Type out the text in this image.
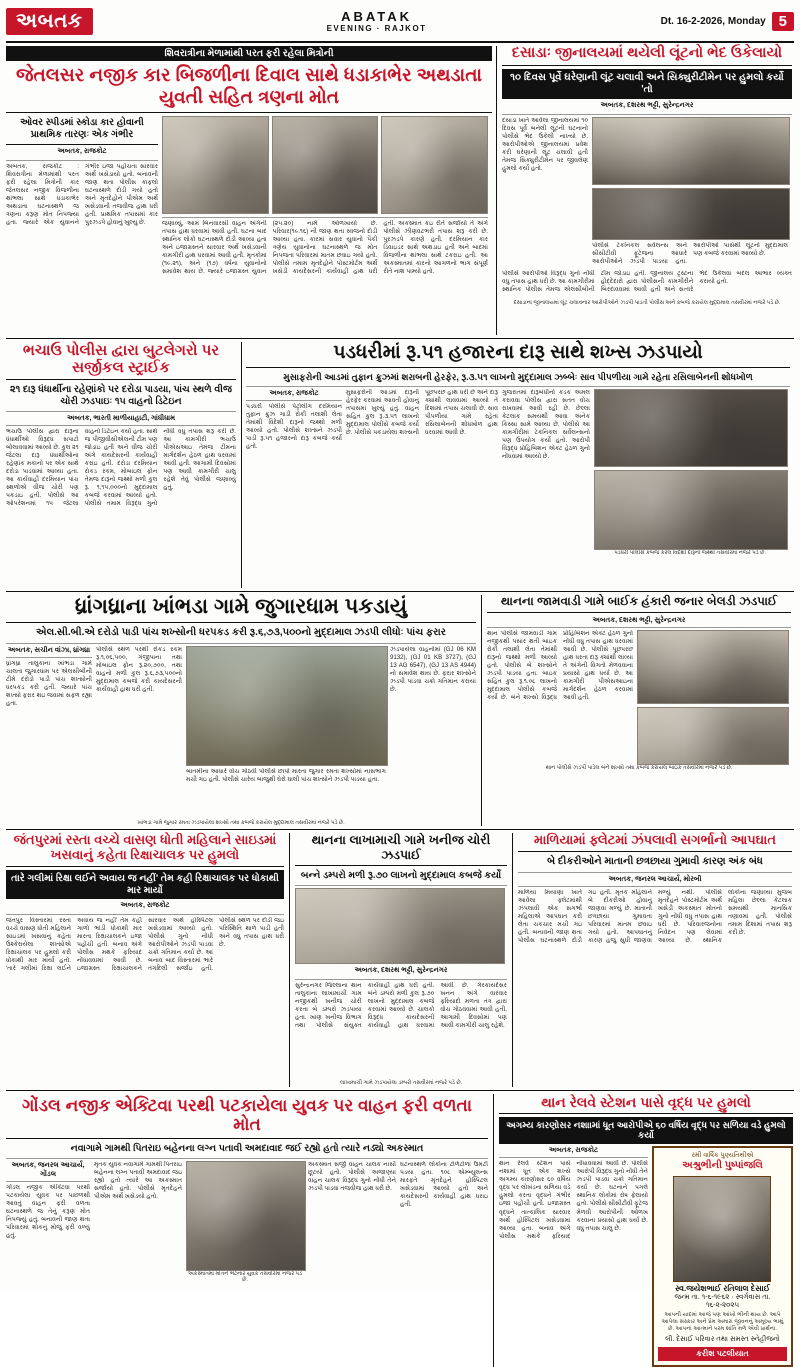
અબતક	ABATAK
EVENING · RAJKOT
Dt. 16-2-2026, Monday 5
શિવરાત્રીના મેળામાંથી પરત ફરી રહેલા મિત્રોની
જેતલસર નજીક કાર બિજળીના દિવાલ સાથે ધડાકાભેર અથડાતા યુવતી સહિત ત્રણના મોત
ઓવર સ્પીડમાં સ્કોડા કાર હોવાની પ્રાથમિક તારણઃ એક ગંભીર
અબતક, રાજકોટ
અબતક, રાજકોટ : શિવરાત્રીના મેળામાંથી પરત ફરી રહેલા મિત્રોની કાર જેતલસર નજીક વિજળીના થાંભલા સાથે ધડાકાભેર અથડાતા ઘટનાસ્થળે જ ત્રણના કરૂણ મોત નિપજ્યા હતા. જ્યારે એક યુવાનને ગંભીર ઇજા પહોંચતા સારવાર અર્થે ખસેડાયો હતો. બનાવની જાણ થતા પોલીસ કાફલો ઘટનાસ્થળે દોડી ગયો હતો અને મૃતદેહોને પીએમ અર્થે ખસેડવાની તજવીજ હાથ ધરી હતી. પ્રાથમિક તપાસમાં કાર પુરઝડપે હોવાનું ખુલ્યુ છે.	જણાવ્યું, આમ બિનવારસી વાહન અંગેની તપાસ હાથ ધરવામાં આવી હતી. ઘટના બાદ સ્થાનિક લોકો ઘટનાસ્થળે દોડી આવ્યા હતા અને ઇજાગ્રસ્તને સારવાર અર્થે ખસેડવાની કામગીરી હાથ ધરવામાં આવી હતી. મૃતકોમાં (૧૯.૨૧), અને (૧૭) વર્ષના યુવાનોનો સમાવેશ થાય છે. જ્યારે ઇજાગ્રસ્ત યુવાન (૨૫.૨૦) નામે ઓળખાયો છે. પરિવાર(૧૯.૧૬) ની જાણ થતા સ્વજનો દોડી આવ્યા હતા. કારમાં સવાર યુવાનો પૈકી ત્રણેય યુવાનોના ઘટનાસ્થળે જ મોત નિપજતા પરિવારમાં માતમ છવાઇ ગયો હતો. પોલીસે તમામ મૃતદેહોને પોસ્ટમોર્ટમ અર્થે ખસેડી કાયદેસરની કાર્યવાહી હાથ ધરી હતી. અકસ્માત કઇ રીતે સર્જાયો તે અંગે પોલીસે ઝીણવટભરી તપાસ શરૂ કરી છે. પુરઝડપે કારણે હતી. દરમિયાન કાર ડિવાઇડર સાથે અથડાઇ હતી અને બાદમાં વિજળીના થાંભલા સાથે ટકરાઇ હતી. આ અકસ્માતમાં કારનો આગળનો ભાગ સંપૂર્ણ રીતે નાશ પામ્યો હતો.
દસાડાઃ જીનાલયમાં થયેલી લૂંટનો ભેદ ઉકેલાયો
૧૦ દિવસ પૂર્વે ઘરેણાની લૂંટ ચલાવી અને સિક્યુરીટીમેન પર હુમલો કર્યો 'તો
અબતક, દશરથ ભટ્ટી, સુરેન્દ્રનગર
દસાડા ખાતે આવેલા જીનાલયમાં ૧૦ દિવસ પૂર્વે બનેલી લૂંટની ઘટનાનો પોલીસે ભેદ ઉકેલી નાખ્યો છે. આરોપીઓએ જીનાલયમાં પ્રવેશ કરી ઘરેણાની લૂંટ ચલાવી હતી તેમજ સિક્યુરીટીમેન પર જીવલેણ હુમલો કર્યો હતો.
પોલીસે ટેકનિકલ સર્વેલન્સ અને સીસીટીવી ફૂટેજના આધારે આરોપીઓને ઝડપી પાડયા હતા. આરોપીઓ પાસેથી લૂંટનો મુદ્દામાલ પણ કબજે કરવામાં આવ્યો છે.
પોલીસે આરોપીઓ વિરૂદ્ધ ગુનો નોંધી વધુ તપાસ હાથ ધરી છે. આ કામગીરીમાં સ્થાનિક પોલીસ તેમજ એલસીબીની ટીમ જોડાઇ હતી. જીનાલય ટ્રસ્ટના હોદ્દેદારો દ્વારા પોલીસની કામગીરીને બિરદાવવામાં આવી હતી અને સત્વરે ભેદ ઉકેલવા બદલ આભાર વ્યક્ત કરાયો હતો.
દસાડાના જીનાલયમાં લૂંટ ચલાવનાર આરોપીઓને ઝડપી પાડતી પોલીસ અને કબજે કરાયેલ મુદ્દામાલ તસવીરમાં નજરે પડે છે.
ભચાઉ પોલીસ દ્વારા બુટલેગરો પર સર્જીકલ સ્ટ્રાઈક
૨૧ દારૂ ધંધાર્થીના રહેણાંકો પર દરોડા પાડયા, પાંચ સ્થળે વીજ ચોરી ઝડપાઇઃ ૧૫ વાહનો ડિટેઇન
અબતક, ભારતી માળીયાહાટી, ગાંધીધામ
ભચાઉ પોલીસ દ્વારા દારૂના ધંધાર્થીઓ વિરૂદ્ધ સપાટો બોલાવવામાં આવ્યો છે. કુલ ૨૧ જેટલા દારૂ ધંધાર્થીઓના રહેણાંક મકાનો પર એક સાથે દરોડા પાડવામાં આવ્યા હતા. આ કાર્યવાહી દરમિયાન પાંચ સ્થળોએ વીજ ચોરી પણ પકડાઇ હતી. પોલીસે આ ઓપરેશનમાં ૧૫ જેટલા વાહનો ડિટેઇન કર્યા હતા. સાથે જ પીજીવીસીએલની ટીમ પણ જોડાઇ હતી અને વીજ ચોરી અંગે કાયદેસરની કાર્યવાહી કરાઇ હતી. દરોડા દરમિયાન રોકડ રકમ, મોબાઇલ ફોન તેમજ દારૂનો જથ્થો મળી કુલ રૂ. ૧,૧૫,૦૦૦નો મુદ્દામાલ કબજે કરવામાં આવ્યો હતો. પોલીસે તમામ વિરૂદ્ધ ગુનો નોંધી વધુ તપાસ શરૂ કરી છે. આ કામગીરી ભચાઉ પીએસઆઇ તેમજ ટીમના માર્ગદર્શન હેઠળ હાથ ધરવામાં આવી હતી. આગામી દિવસોમાં પણ આવી કામગીરી ચાલુ રહેશે તેવું પોલીસે જણાવ્યું હતું.
પડધરીમાં રૂ.૫૧ હજારના દારૂ સાથે શખ્સ ઝડપાયો
મુસાફરોની આડમાં તુફાન ક્રુઝમાં શરાબની હેરફેર, રૂ.૩.૫૧ લાખનો મુદ્દામાલ ઝબ્બેઃ સાવ પીપળીયા ગામે રહેતા રસિલાબેનની શોધખોળ
અબતક, રાજકોટ
પડધરી પોલીસે પેટ્રોલીંગ દરમિયાન તુફાન ક્રુઝ ગાડી રોકી તલાશી લેતા તેમાંથી વિદેશી દારૂનો જથ્થો મળી આવ્યો હતો. પોલીસે શખ્સને ઝડપી પાડી રૂ.૫૧ હજારનો દારૂ કબજે કર્યો હતો.
મુસાફરોની આડમાં દારૂની હેરફેર કરવામાં આવતી હોવાનું તપાસમાં ખુલ્યું હતું. વાહન સહિત કુલ રૂ.૩.૫૧ લાખનો મુદ્દામાલ પોલીસે કબજે કર્યો છે. પોલીસે પકડાયેલા શખ્સની પૂછપરછ હાથ ધરી છે અને દારૂ ક્યાંથી લાવવામાં આવ્યો તે દિશામાં તપાસ ચલાવી છે. સાવ પીપળીયા ગામે રહેતા રસિલાબેનની શોધખોળ હાથ ધરવામાં આવી છે.
ગુજરાતમાં દારૂબંધીનો કડક અમલ કરાવવા પોલીસ દ્વારા સતત વોચ રાખવામાં આવી રહી છે. છેલ્લા કેટલાક સમયથી આવા અનેક કિસ્સા સામે આવ્યા છે. પોલીસે આ કામગીરીમાં ટેકનિકલ સર્વેલન્સનો પણ ઉપયોગ કર્યો હતો. આરોપી વિરૂદ્ધ પ્રોહિબિશન એક્ટ હેઠળ ગુનો નોંધવામાં આવ્યો છે.
પડધરી પોલીસે કબજે કરેલ વિદેશી દારૂનો જથ્થો તસવીરમાં નજરે પડે છે.
ધ્રાંગધ્રાના ખાંભડા ગામે જુગારધામ પકડાયું
એલ.સી.બી.એ દરોડો પાડી પાંચ શખ્સોની ધરપકડ કરી રૂ.૬,૭૩,૫૦૦નો મુદ્દામાલ ઝડપી લીધોઃ પાંચ ફરાર
અબતક, સચીન વાંઝા, ધ્રાંગધ્રા
ધ્રાંગધ્રા તાલુકાના ખાંભડા ગામે ચાલતા જુગારધામ પર એલસીબીની ટીમે દરોડો પાડી પાંચ શખ્સોની ધરપકડ કરી હતી. જ્યારે પાંચ શખ્સો ફરાર થઇ જવામાં સફળ રહ્યા હતા.
પોલીસે સ્થળ પરથી રોકડ રકમ રૂ.૧,૦૬,૫૦૦, ગંજીપાના તથા મોબાઇલ ફોન રૂ.૨૦,૭૦૦, તથા વાહનો મળી કુલ રૂ.૬,૭૩,૫૦૦નો મુદ્દામાલ કબજે કરી કાયદેસરની કાર્યવાહી હાથ ધરી હતી.
બાતમીના આધારે વોચ ગોઠવી પોલીસે છાપો મારતા જુગાર રમતા શખ્સોમાં નાસભાગ મચી ગઇ હતી. પોલીસે ચારેય બાજુથી ઘેરો ઘાલી પાંચ શખ્સોને ઝડપી પાડયા હતા.
ઝડપાયેલા વાહનોમાં (GJ 06 KM 9132), (GJ 01 KB 3727), (GJ 13 AG 6547), (GJ 13 AS 4944) નો સમાવેશ થાય છે. ફરાર શખ્સોને ઝડપી પાડવા ચક્રો ગતિમાન કરાયા છે.
ખાંભડા ગામે જુગાર રમતા ઝડપાયેલા શખ્સો તથા કબજે કરાયેલ મુદ્દામાલ તસવીરમાં નજરે પડે છે.
થાનના જામવાડી ગામે બાઈક હંકારી જનાર બેલડી ઝડપાઈ
અબતક, દશરથ ભટ્ટી, સુરેન્દ્રનગર
થાન પોલીસે જામવાડી ગામ નજીકથી પસાર થતી બાઇક રોકી તલાશી લેતા તેમાંથી દારૂનો જથ્થો મળી આવ્યો હતો. પોલીસે બે શખ્સોને ઝડપી પાડયા હતા. બાઇક સહિત કુલ રૂ.૧.૦૮ લાખનો મુદ્દામાલ પોલીસે કબજે કર્યો છે. બંને શખ્સો વિરૂદ્ધ પ્રોહિબિશન એક્ટ હેઠળ ગુનો નોંધી વધુ તપાસ હાથ ધરવામાં આવી છે. પોલીસે પૂછપરછ હાથ ધરતા દારૂ ક્યાંથી લાવ્યા તે અંગેની વિગતો મેળવવાના પ્રયાસો હાથ ધર્યા છે. આ કામગીરી પીએસઆઇના માર્ગદર્શન હેઠળ કરવામાં આવી હતી.
થાન પોલીસે ઝડપી પાડેલ બંને શખ્સો તથા કબજે કરાયેલ બાઇક તસવીરમાં નજરે પડે છે.
જંતપુરમાં રસ્તા વચ્ચે વાસણ ધોતી મહિલાને સાઇડમાં ખસવાનું કહેતા રિક્ષાચાલક પર હુમલો
તારે ગલીમાં રિક્ષા લઈને અવાય જ નહીં' તેમ કહી રિક્ષાચાલક પર ધોકાથી માર માર્યો
અબતક, રાજકોટ
જંતપુર વિસ્તારમાં રસ્તા વચ્ચે વાસણ ધોતી મહિલાને સાઇડમાં ખસવાનું કહેતા ઉશ્કેરાયેલા શખ્સોએ રિક્ષાચાલક પર હુમલો કરી ધોકાથી માર માર્યો હતો. 'તારે ગલીમાં રિક્ષા લઈને અવાય જ નહીં' તેમ કહી ગાળો ભાંડી ધોકાથી માર મારતા રિક્ષાચાલકને ઇજા પહોંચી હતી. બનાવ અંગે પોલીસ મથકે ફરિયાદ નોંધાવવામાં આવી છે. ઇજાગ્રસ્ત રિક્ષાચાલકને સારવાર અર્થે હોસ્પિટલ ખસેડવામાં આવ્યો હતો. પોલીસે ગુનો નોંધી આરોપીઓને ઝડપી પાડવા ચક્રો ગતિમાન કર્યા છે. આ બનાવ બાદ વિસ્તારમાં ભારે તંગદિલી સર્જાઇ હતી. પોલીસે સ્થળ પર દોડી જઇ પરિસ્થિતિ થાળે પાડી હતી અને વધુ તપાસ હાથ ધરી છે.
થાનના લાખામાચી ગામે ખનીજ ચોરી ઝડપાઈ
બન્ને ડમ્પરો મળી રૂ.૭૦ લાખનો મુદ્દામાલ કબજે કર્યો
અબતક, દશરથ ભટ્ટી, સુરેન્દ્રનગર
સુરેન્દ્રનગર જિલ્લાના થાન તાલુકાના લાખામાચી ગામ નજીકથી ખનીજ ચોરી કરતા બે ડમ્પરો ઝડપાયા હતા. ખાણ ખનીજ વિભાગ તથા પોલીસે સંયુક્ત કાર્યવાહી હાથ ધરી હતી. બંને ડમ્પરો મળી કુલ રૂ.૭૦ લાખનો મુદ્દામાલ કબજે કરવામાં આવ્યો છે. ચાલકો વિરૂદ્ધ કાયદેસરની કાર્યવાહી હાથ ધરવામાં આવી છે. ગેરકાયદેસર ખનન અંગે વારંવાર ફરિયાદો મળતા તંત્ર દ્વારા વોચ ગોઠવવામાં આવી હતી. આગામી દિવસોમાં પણ આવી કામગીરી ચાલુ રહેશે.
લાખામાચી ગામે ઝડપાયેલા ડમ્પરો તસવીરમાં નજરે પડે છે.
માળિયામાં ફ્લેટમાં ઝંપલાવી સગર્ભાનો આપઘાત
બે દીકરીઓને માતાની છત્રછાયા ગુમાવી કારણ અંક બંધ
અબતક, જનરલ આચાર્ય, મોરબી
માળિયા મિયાણા ખાતે આવેલા ફ્લેટમાંથી ઝંપલાવી એક સગર્ભા મહિલાએ આપઘાત કરી લેતા ચકચાર મચી ગઇ હતી. બનાવની જાણ થતા પોલીસ ઘટનાસ્થળે દોડી ગઇ હતી. મૃતક મહિલાને બે દીકરીઓ હોવાનું જાણવા મળ્યું છે. માતાની છત્રછાયા ગુમાવતા પરિવારમાં માતમ છવાઇ ગયો હતો. આપઘાતનું કારણ હજુ સુધી જાણવા મળ્યું નથી. પોલીસે મૃતદેહને પોસ્ટમોર્ટમ અર્થે ખસેડી અકસ્માત મોતનો ગુનો નોંધી વધુ તપાસ હાથ ધરી છે. પરિવારજનોના નિવેદન પણ લેવામાં આવ્યા છે. સ્થાનિક લોકોના જણાવ્યા મુજબ મહિલા છેલ્લા કેટલાક સમયથી માનસિક તણાવમાં હતી. પોલીસે તમામ દિશામાં તપાસ શરૂ કરી છે.
ગોંડલ નજીક એક્ટિવા પરથી પટકાયેલા યુવક પર વાહન ફરી વળતા મોત
નવાગામે ગામથી પિતરાઇ બહેનના લગ્ન પતાવી અમદાવાદ જઈ રહ્યો હતો ત્યારે નડ્યો અકસ્માત
અબતક, જનરલ આચાર્ય, ગોંડલ
ગોંડલ નજીક એક્ટિવા પરથી પટકાયેલા યુવક પર પાછળથી આવતું વાહન ફરી વળતા ઘટનાસ્થળે જ તેનું કરૂણ મોત નિપજ્યું હતું. બનાવની જાણ થતા પરિવારમાં શોકનું મોજું ફરી વળ્યું હતું.
મૃતક યુવક નવાગામે ગામથી પિતરાઇ બહેનના લગ્ન પતાવી અમદાવાદ જઇ રહ્યો હતો ત્યારે આ અકસ્માત સર્જાયો હતો. પોલીસે મૃતદેહને પીએમ અર્થે ખસેડયો હતો.
અકસ્માતમાં મોતને ભેટનાર યુવક તસવીરમાં નજરે પડે છે.
અકસ્માત સર્જી વાહન ચાલક નાસી છૂટયો હતો. પોલીસે અજાણ્યા વાહન ચાલક વિરૂદ્ધ ગુનો નોંધી તેને ઝડપી પાડવા તજવીજ હાથ ધરી છે.
ઘટનાસ્થળે લોકોના ટોળેટોળા ઉમટી પડયા હતા. ૧૦૮ એમ્બ્યુલન્સ મારફતે મૃતદેહને હોસ્પિટલ ખસેડવામાં આવ્યો હતો અને કાયદેસરની કાર્યવાહી હાથ ધરાઇ હતી.
થાન રેલવે સ્ટેશન પાસે વૃદ્ધ પર હુમલો
અગમ્ય કારણોસર નશાામાં ધૂત આરોપીએ ૬૦ વર્ષિય વૃદ્ધ પર સળિયા વડે હુમલો કર્યો
અબતક, રાજકોટ
થાન રેલવે સ્ટેશન પાસે નશામાં ધૂત એક શખ્સે અગમ્ય કારણોસર ૬૦ વર્ષિય વૃદ્ધ પર લોખંડના સળિયા વડે હુમલો કરતા વૃદ્ધને ગંભીર ઇજા પહોંચી હતી. ઇજાગ્રસ્ત વૃદ્ધને તાત્કાલિક સારવાર અર્થે હોસ્પિટલ ખસેડવામાં આવ્યા હતા. બનાવ અંગે પોલીસ મથકે ફરિયાદ નોંધાવવામાં આવી છે. પોલીસે આરોપી વિરૂદ્ધ ગુનો નોંધી તેને ઝડપી પાડવા ચક્રો ગતિમાન કર્યા છે. ઘટનાને પગલે સ્થાનિક લોકોમાં રોષ ફેલાયો હતો. પોલીસે સીસીટીવી ફૂટેજ મેળવી આરોપીની ઓળખ કરવાના પ્રયાસો હાથ ધર્યા છે. વધુ તપાસ ચાલુ છે.
રમી વાર્ષિક પુણ્યતિથીએ
અશ્રુભીની પુષ્પાંજલિ
સ્વ.જયેશભાઈ રતિલાલ દેસાઈ
જન્મ તા. ૧-૬-૧૯૬૨ · સ્વર્ગવાસ તા. ૧૬-૨-૨૦૨૫
આપની યાદમાં આજે પણ આંખો ભીની થાય છે. આપે આપેલા સંસ્કાર અને પ્રેમ અમારા જીવનનું અમૂલ્ય ભાથું છે. આપના આત્માને પરમ શાંતિ મળે એવી પ્રાર્થના.
લી. દેસાઈ પરિવાર તથા સમસ્ત સ્નેહીજનો
કરીશ પટલીયાત
